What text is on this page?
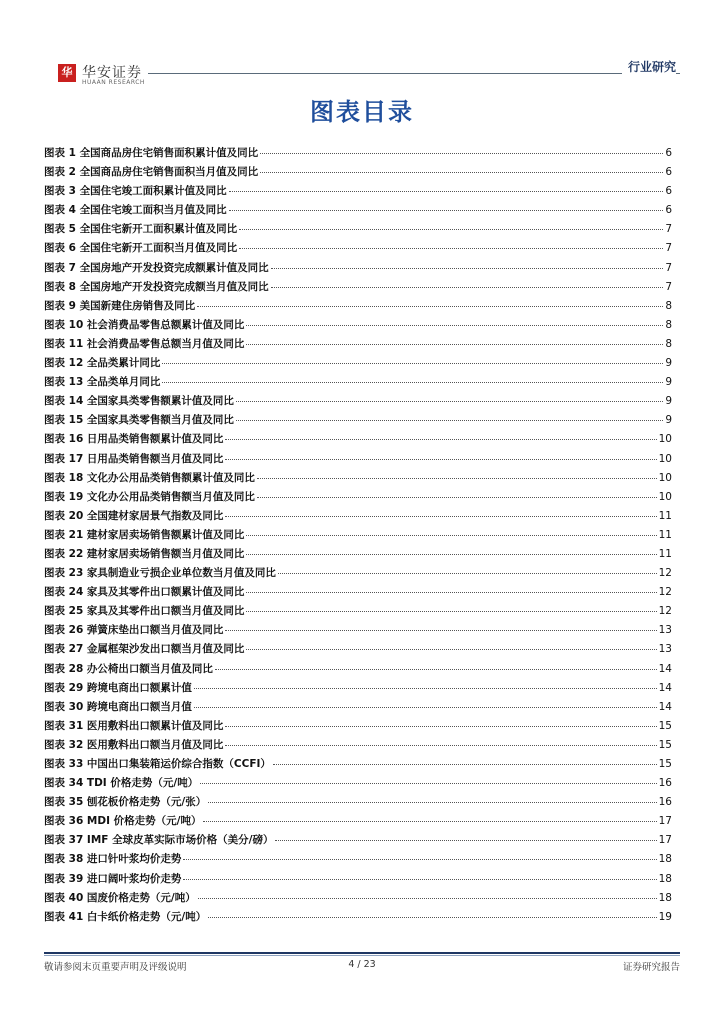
华 华安证券
HUAAN RESEARCH
行业研究
图表目录
图表 1 全国商品房住宅销售面积累计值及同比	6
图表 2 全国商品房住宅销售面积当月值及同比	6
图表 3 全国住宅竣工面积累计值及同比	6
图表 4 全国住宅竣工面积当月值及同比	6
图表 5 全国住宅新开工面积累计值及同比	7
图表 6 全国住宅新开工面积当月值及同比	7
图表 7 全国房地产开发投资完成额累计值及同比	7
图表 8 全国房地产开发投资完成额当月值及同比	7
图表 9 美国新建住房销售及同比	8
图表 10 社会消费品零售总额累计值及同比	8
图表 11 社会消费品零售总额当月值及同比	8
图表 12 全品类累计同比	9
图表 13 全品类单月同比	9
图表 14 全国家具类零售额累计值及同比	9
图表 15 全国家具类零售额当月值及同比	9
图表 16 日用品类销售额累计值及同比	10
图表 17 日用品类销售额当月值及同比	10
图表 18 文化办公用品类销售额累计值及同比	10
图表 19 文化办公用品类销售额当月值及同比	10
图表 20 全国建材家居景气指数及同比	11
图表 21 建材家居卖场销售额累计值及同比	11
图表 22 建材家居卖场销售额当月值及同比	11
图表 23 家具制造业亏损企业单位数当月值及同比	12
图表 24 家具及其零件出口额累计值及同比	12
图表 25 家具及其零件出口额当月值及同比	12
图表 26 弹簧床垫出口额当月值及同比	13
图表 27 金属框架沙发出口额当月值及同比	13
图表 28 办公椅出口额当月值及同比	14
图表 29 跨境电商出口额累计值	14
图表 30 跨境电商出口额当月值	14
图表 31 医用敷料出口额累计值及同比	15
图表 32 医用敷料出口额当月值及同比	15
图表 33 中国出口集装箱运价综合指数（CCFI）	15
图表 34 TDI 价格走势（元/吨）	16
图表 35 刨花板价格走势（元/张）	16
图表 36 MDI 价格走势（元/吨）	17
图表 37 IMF 全球皮革实际市场价格（美分/磅）	17
图表 38 进口针叶浆均价走势	18
图表 39 进口阔叶浆均价走势	18
图表 40 国废价格走势（元/吨）	18
图表 41 白卡纸价格走势（元/吨）	19
敬请参阅末页重要声明及评级说明	4 / 23	证券研究报告
